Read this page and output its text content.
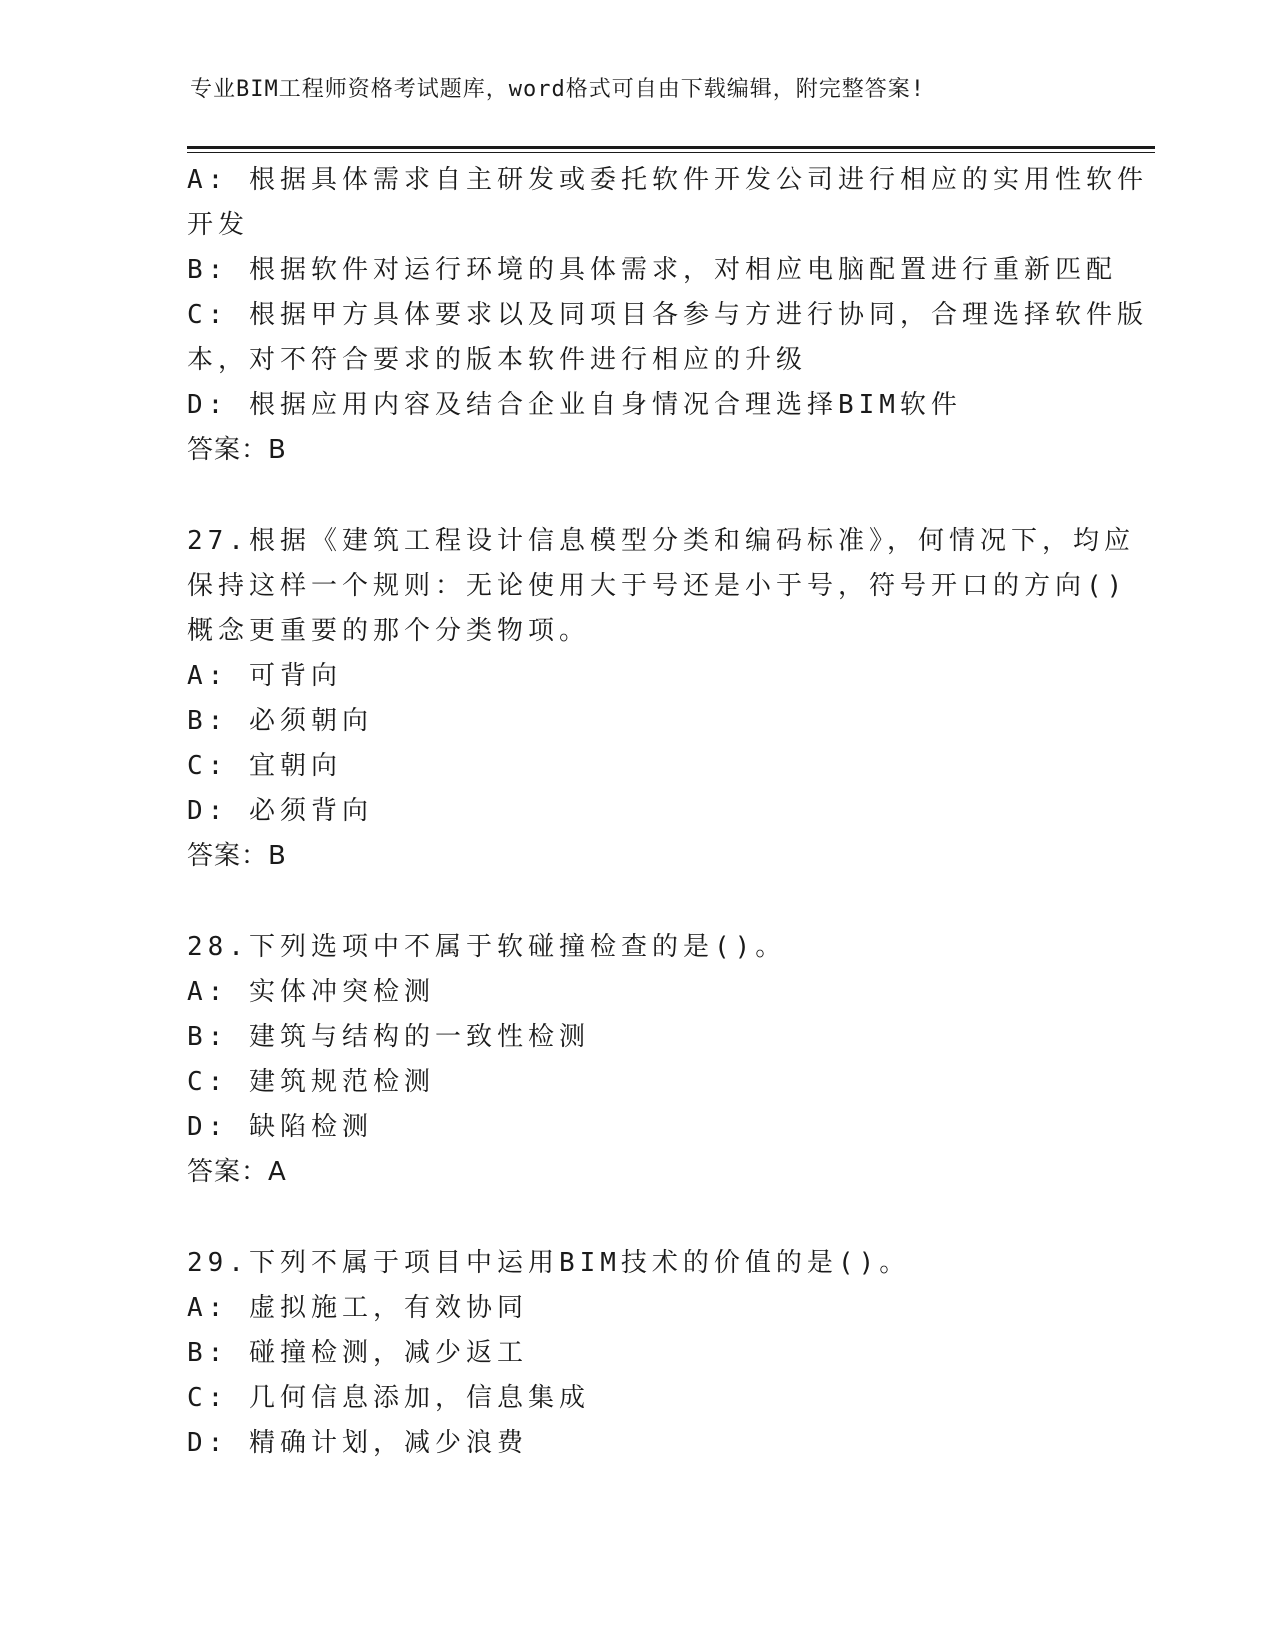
专业BIM工程师资格考试题库，word格式可自由下载编辑，附完整答案!
A: 根据具体需求自主研发或委托软件开发公司进行相应的实用性软件
开发
B: 根据软件对运行环境的具体需求，对相应电脑配置进行重新匹配
C: 根据甲方具体要求以及同项目各参与方进行协同，合理选择软件版
本，对不符合要求的版本软件进行相应的升级
D: 根据应用内容及结合企业自身情况合理选择BIM软件
答案：B
27.根据《建筑工程设计信息模型分类和编码标准》，何情况下，均应
保持这样一个规则：无论使用大于号还是小于号，符号开口的方向()
概念更重要的那个分类物项。
A: 可背向
B: 必须朝向
C: 宜朝向
D: 必须背向
答案：B
28.下列选项中不属于软碰撞检查的是()。
A: 实体冲突检测
B: 建筑与结构的一致性检测
C: 建筑规范检测
D: 缺陷检测
答案：A
29.下列不属于项目中运用BIM技术的价值的是()。
A: 虚拟施工，有效协同
B: 碰撞检测，减少返工
C: 几何信息添加，信息集成
D: 精确计划，减少浪费
